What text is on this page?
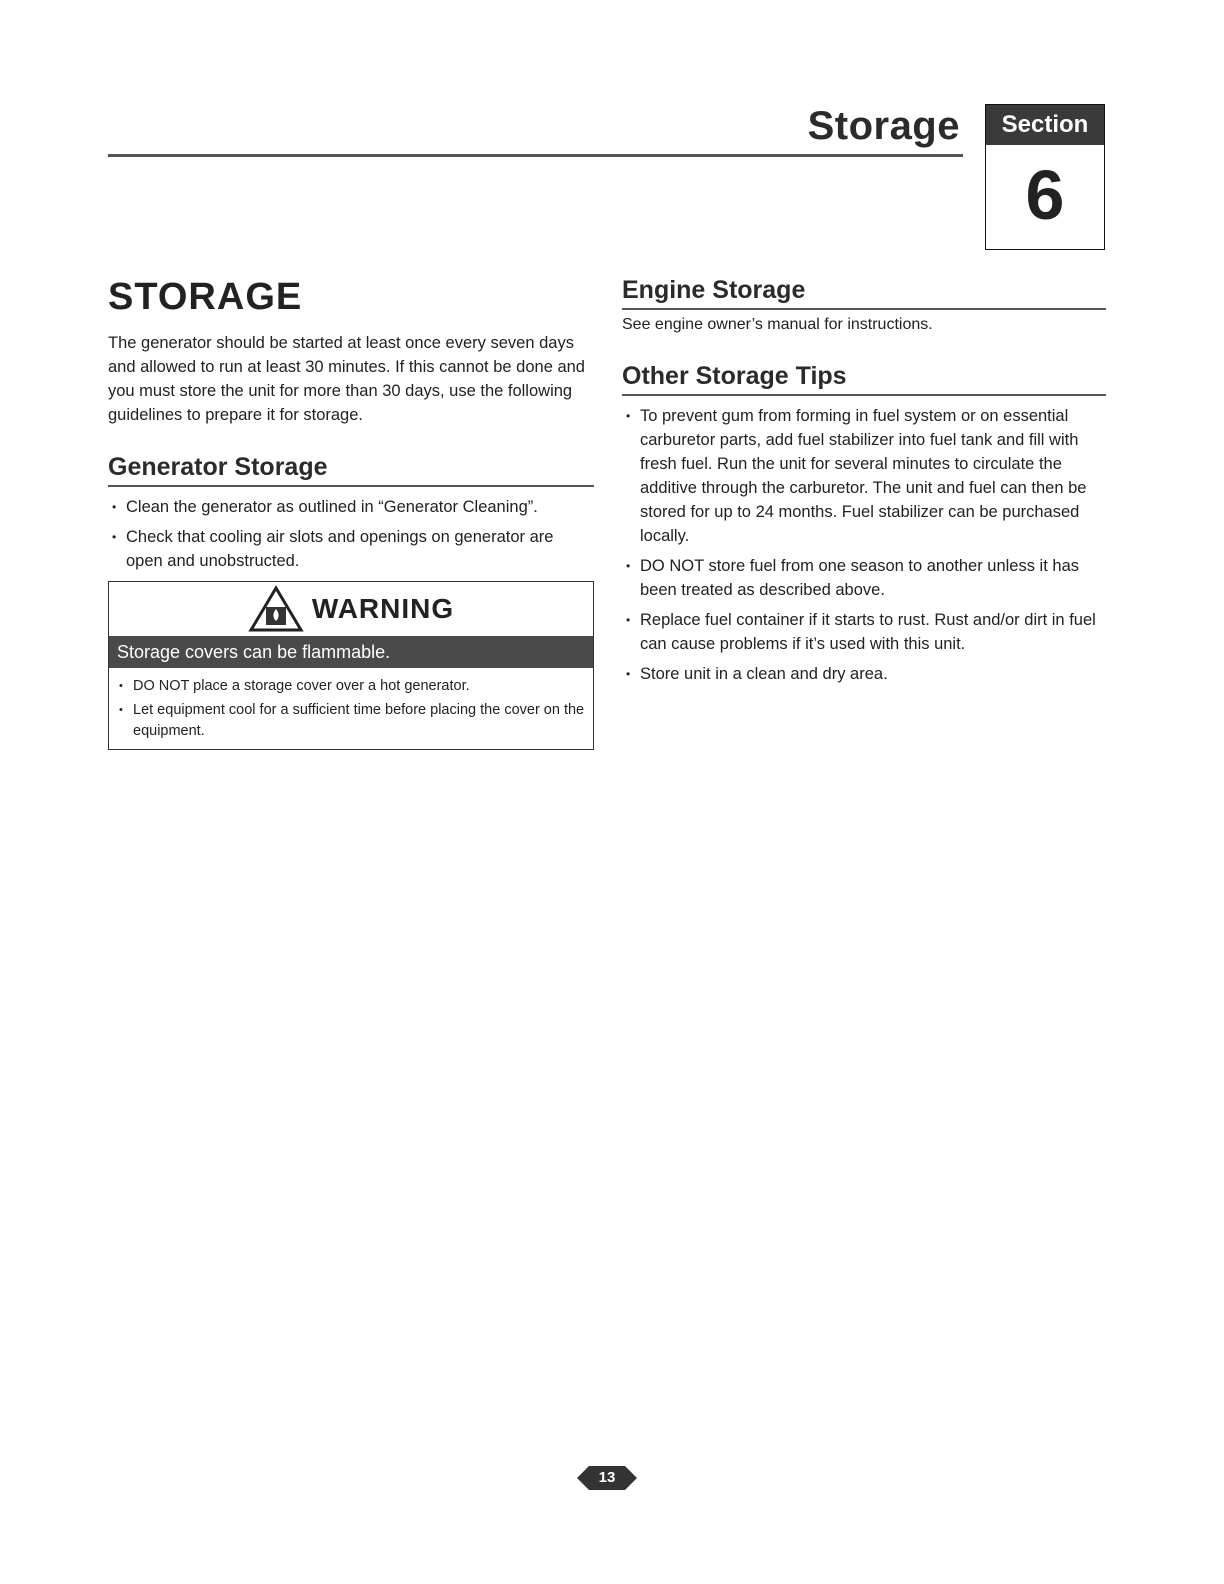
Storage	Section
6
STORAGE

The generator should be started at least once every seven days and allowed to run at least 30 minutes. If this cannot be done and you must store the unit for more than 30 days, use the following guidelines to prepare it for storage.

Generator Storage
• Clean the generator as outlined in “Generator Cleaning”.
• Check that cooling air slots and openings on generator are open and unobstructed.
WARNING
Storage covers can be flammable.
• DO NOT place a storage cover over a hot generator.
• Let equipment cool for a sufficient time before placing the cover on the equipment.
Engine Storage

See engine owner’s manual for instructions.

Other Storage Tips
• To prevent gum from forming in fuel system or on essential carburetor parts, add fuel stabilizer into fuel tank and fill with fresh fuel. Run the unit for several minutes to circulate the additive through the carburetor. The unit and fuel can then be stored for up to 24 months. Fuel stabilizer can be purchased locally.
• DO NOT store fuel from one season to another unless it has been treated as described above.
• Replace fuel container if it starts to rust. Rust and/or dirt in fuel can cause problems if it’s used with this unit.
• Store unit in a clean and dry area.
13
